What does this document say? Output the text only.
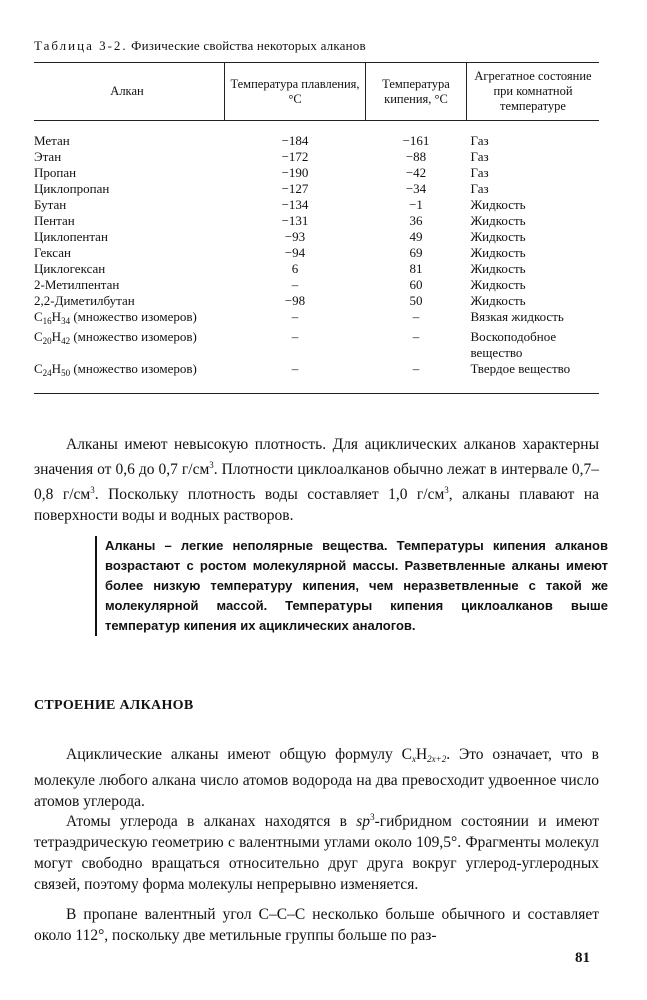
Таблица 3-2. Физические свойства некоторых алканов
Алкан	Температура плавления, °С	Температура кипения, °С	Агрегатное состояние при комнатной температуре
Метан	−184	−161	Газ
Этан	−172	−88	Газ
Пропан	−190	−42	Газ
Циклопропан	−127	−34	Газ
Бутан	−134	−1	Жидкость
Пентан	−131	36	Жидкость
Циклопентан	−93	49	Жидкость
Гексан	−94	69	Жидкость
Циклогексан	6	81	Жидкость
2-Метилпентан	–	60	Жидкость
2,2-Диметилбутан	−98	50	Жидкость
$C_{16}H_{34}$ (множество изомеров)	–	–	Вязкая жидкость
$C_{20}H_{42}$ (множество изомеров)	–	–	Воскоподобное вещество
$C_{24}H_{50}$ (множество изомеров)	–	–	Твердое вещество

Алканы имеют невысокую плотность. Для ациклических алканов характерны значения от 0,6 до 0,7 $г/см^3$. Плотности циклоалканов обычно лежат в интервале 0,7–0,8 $г/см^3$. Поскольку плотность воды составляет 1,0 $г/см^3$, алканы плавают на поверхности воды и водных растворов.

Алканы – легкие неполярные вещества. Температуры кипения алканов возрастают с ростом молекулярной массы. Разветвленные алканы имеют более низкую температуру кипения, чем неразветвленные с такой же молекулярной массой. Температуры кипения циклоалканов выше температур кипения их ациклических аналогов.

СТРОЕНИЕ АЛКАНОВ

Ациклические алканы имеют общую формулу $C_xH_{2x+2}$. Это означает, что в молекуле любого алкана число атомов водорода на два превосходит удвоенное число атомов углерода.

Атомы углерода в алканах находятся в $sp^3$-гибридном состоянии и имеют тетраэдрическую геометрию с валентными углами около 109,5°. Фрагменты молекул могут свободно вращаться относительно друг друга вокруг углерод-углеродных связей, поэтому форма молекулы непрерывно изменяется.

В пропане валентный угол С–С–С несколько больше обычного и составляет около 112°, поскольку две метильные группы больше по раз-

81
